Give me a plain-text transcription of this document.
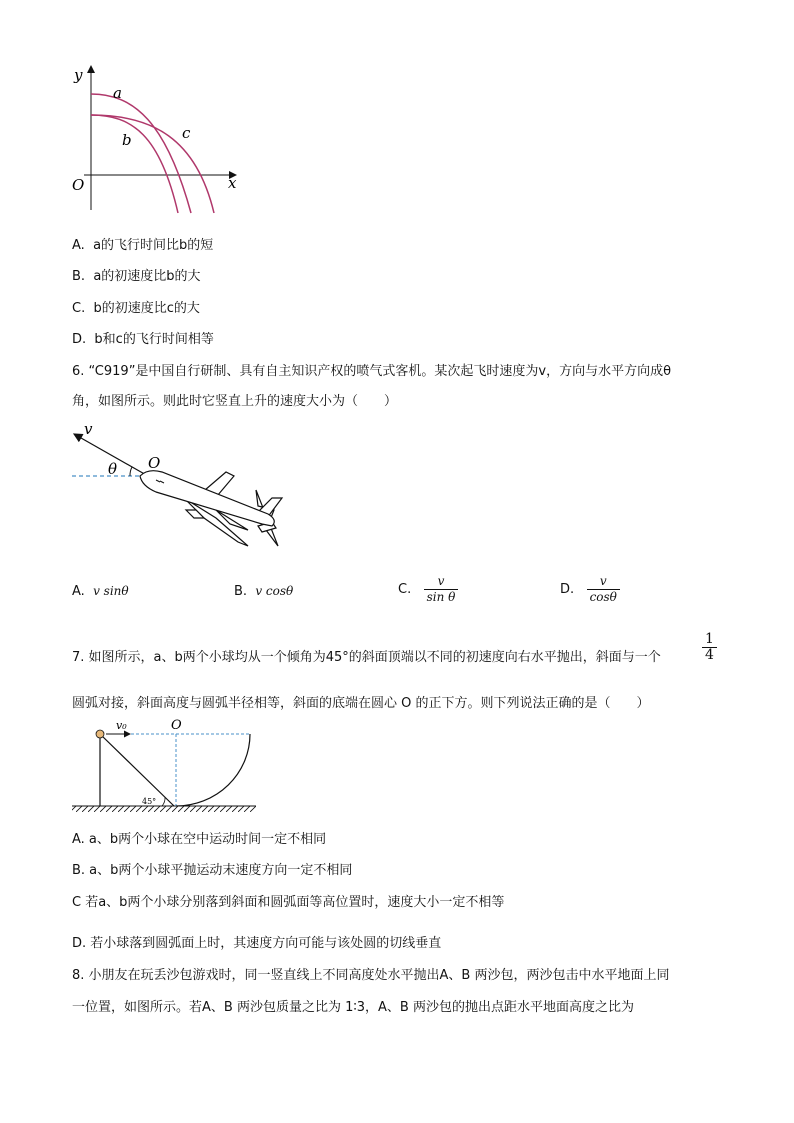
y
O	x
a
b	c
A. a的飞行时间比b的短
B. a的初速度比b的大
C. b的初速度比c的大
D. b和c的飞行时间相等
6. “C919”是中国自行研制、具有自主知识产权的喷气式客机。某次起飞时速度为v，方向与水平方向成θ
角，如图所示。则此时它竖直上升的速度大小为（　　）
v
θ O
A. v sinθ	B. v cosθ	C. $\frac{v}{\text{sin θ}}$	D. $\frac{v}{\cos\theta}$
7. 如图所示，a、b两个小球均从一个倾角为45°的斜面顶端以不同的初速度向右水平抛出，斜面与一个	$\frac{1}{4}$
圆弧对接，斜面高度与圆弧半径相等，斜面的底端在圆心 O 的正下方。则下列说法正确的是（　　）
v₀	O
45°
A. a、b两个小球在空中运动时间一定不相同
B. a、b两个小球平抛运动末速度方向一定不相同
C 若a、b两个小球分别落到斜面和圆弧面等高位置时，速度大小一定不相等
D. 若小球落到圆弧面上时，其速度方向可能与该处圆的切线垂直
8. 小朋友在玩丢沙包游戏时，同一竖直线上不同高度处水平抛出A、B 两沙包，两沙包击中水平地面上同
一位置，如图所示。若A、B 两沙包质量之比为 1∶3，A、B 两沙包的抛出点距水平地面高度之比为
